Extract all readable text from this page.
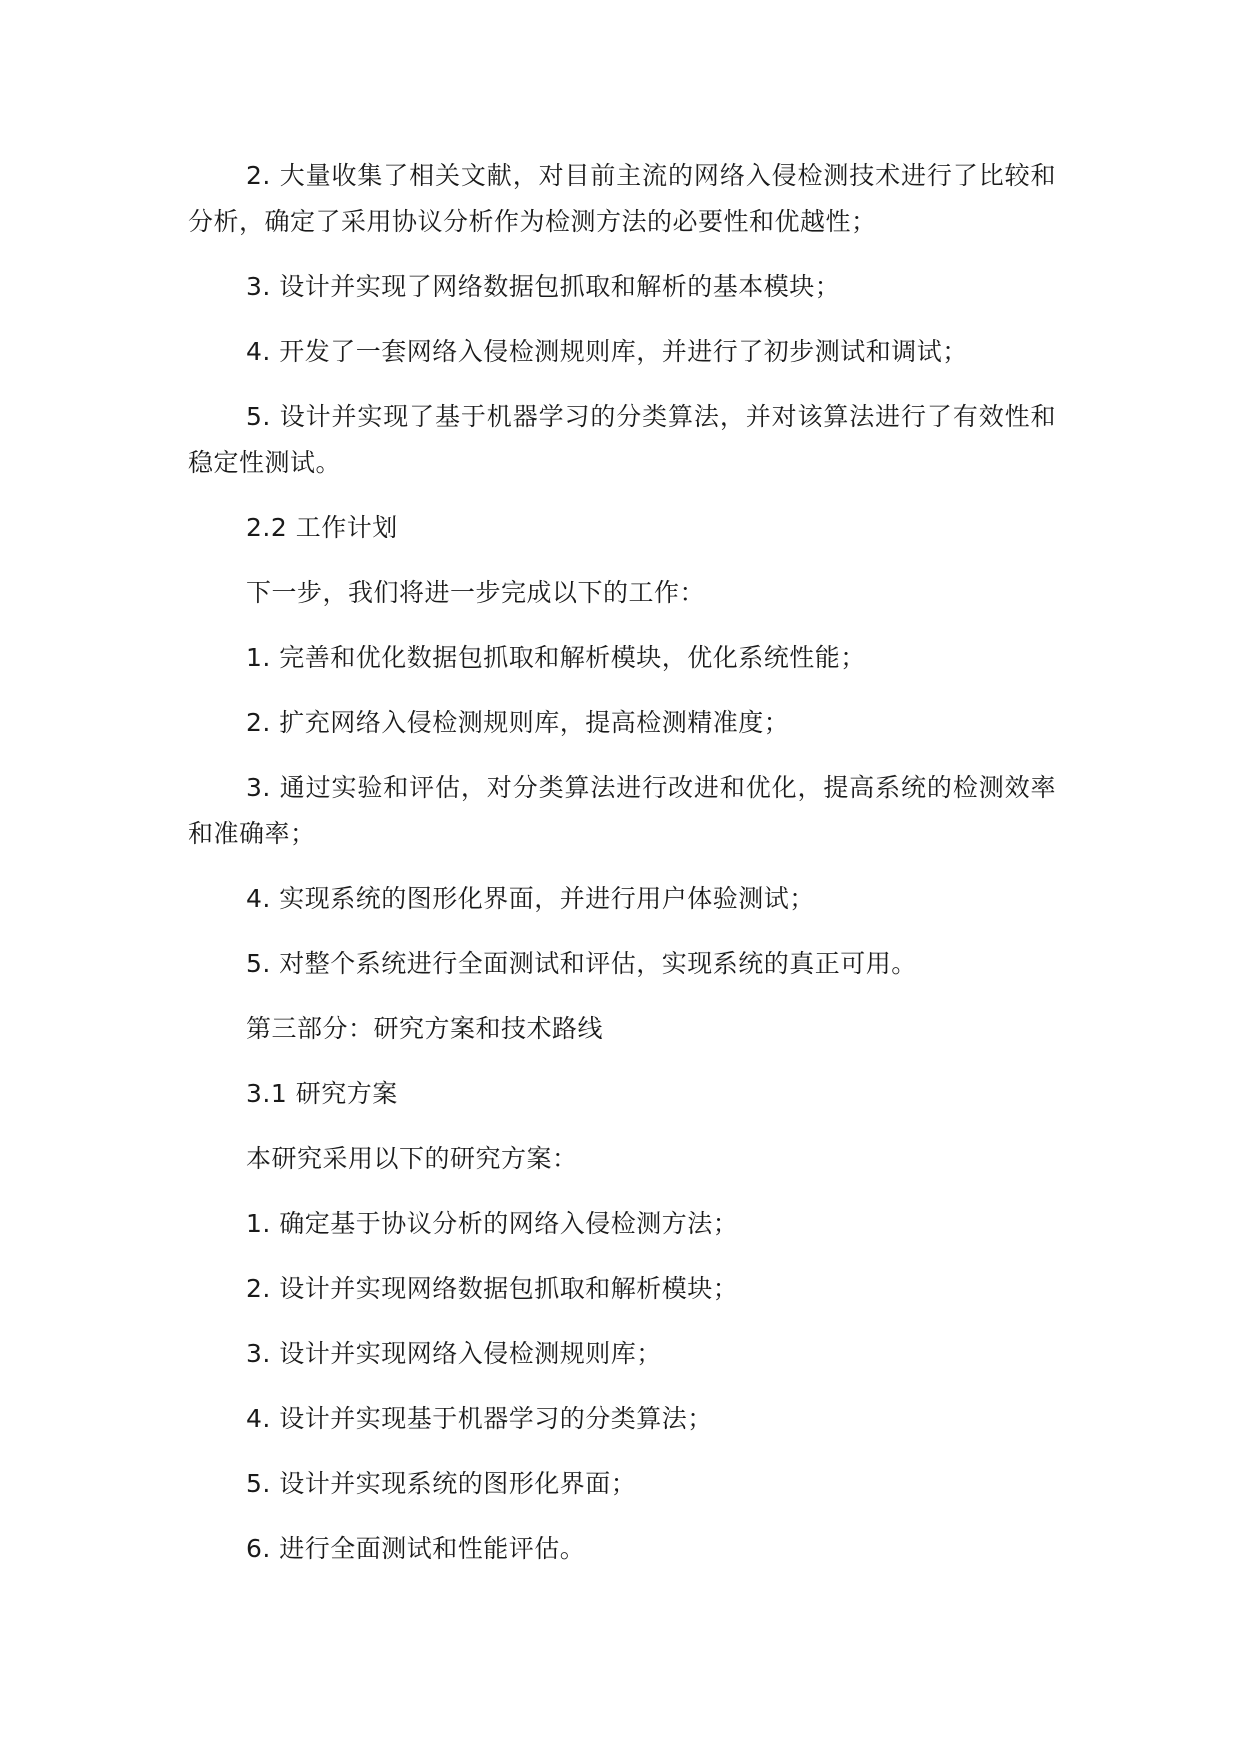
2. 大量收集了相关文献，对目前主流的网络入侵检测技术进行了比较和分析，确定了采用协议分析作为检测方法的必要性和优越性；

3. 设计并实现了网络数据包抓取和解析的基本模块；

4. 开发了一套网络入侵检测规则库，并进行了初步测试和调试；

5. 设计并实现了基于机器学习的分类算法，并对该算法进行了有效性和稳定性测试。

2.2 工作计划

下一步，我们将进一步完成以下的工作：

1. 完善和优化数据包抓取和解析模块，优化系统性能；

2. 扩充网络入侵检测规则库，提高检测精准度；

3. 通过实验和评估，对分类算法进行改进和优化，提高系统的检测效率和准确率；

4. 实现系统的图形化界面，并进行用户体验测试；

5. 对整个系统进行全面测试和评估，实现系统的真正可用。

第三部分：研究方案和技术路线

3.1 研究方案

本研究采用以下的研究方案：

1. 确定基于协议分析的网络入侵检测方法；

2. 设计并实现网络数据包抓取和解析模块；

3. 设计并实现网络入侵检测规则库；

4. 设计并实现基于机器学习的分类算法；

5. 设计并实现系统的图形化界面；

6. 进行全面测试和性能评估。
